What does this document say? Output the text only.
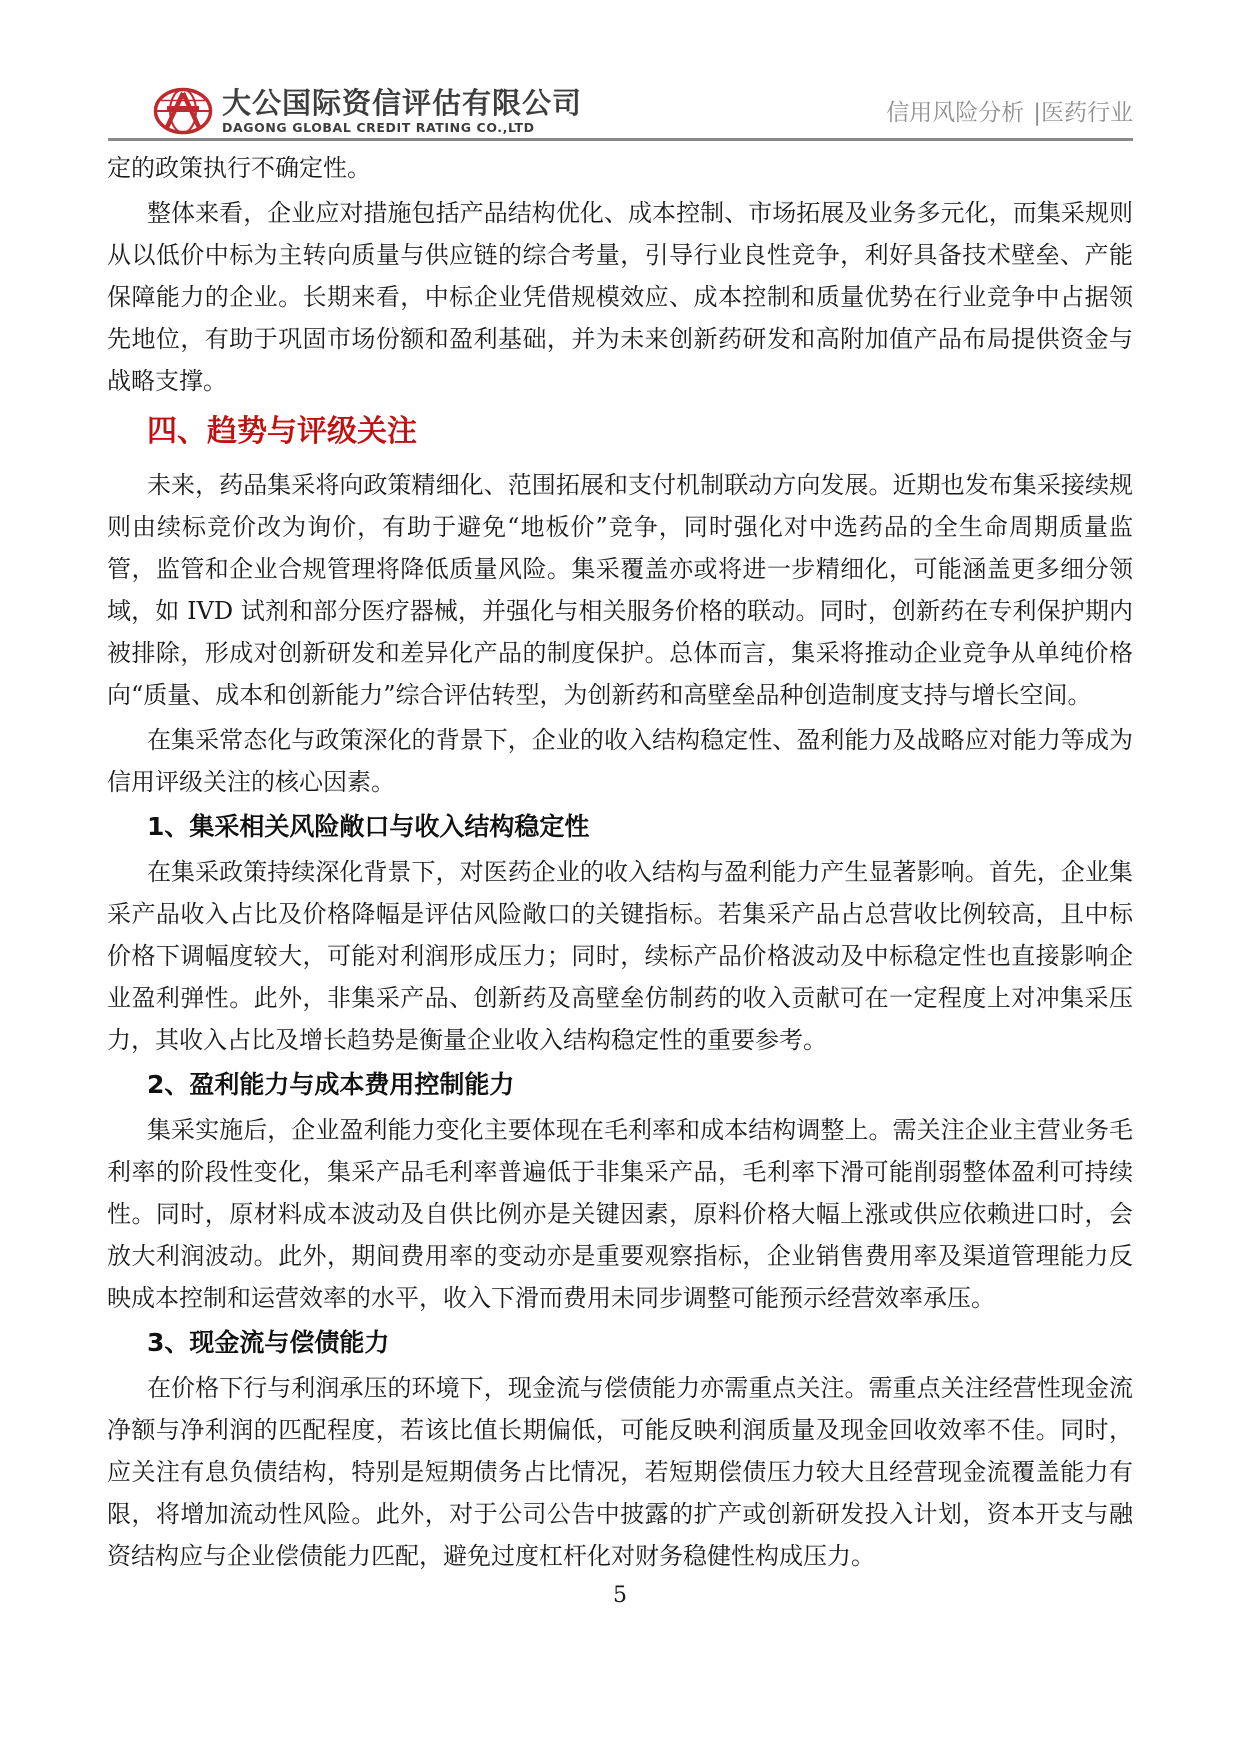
大公国际资信评估有限公司
DAGONG GLOBAL CREDIT RATING CO.,LTD
信用风险分析 |医药行业

定的政策执行不确定性。

整体来看，企业应对措施包括产品结构优化、成本控制、市场拓展及业务多元化，而集采规则从以低价中标为主转向质量与供应链的综合考量，引导行业良性竞争，利好具备技术壁垒、产能保障能力的企业。长期来看，中标企业凭借规模效应、成本控制和质量优势在行业竞争中占据领先地位，有助于巩固市场份额和盈利基础，并为未来创新药研发和高附加值产品布局提供资金与战略支撑。

四、趋势与评级关注

未来，药品集采将向政策精细化、范围拓展和支付机制联动方向发展。近期也发布集采接续规则由续标竞价改为询价，有助于避免“地板价”竞争，同时强化对中选药品的全生命周期质量监管，监管和企业合规管理将降低质量风险。集采覆盖亦或将进一步精细化，可能涵盖更多细分领域，如 IVD 试剂和部分医疗器械，并强化与相关服务价格的联动。同时，创新药在专利保护期内被排除，形成对创新研发和差异化产品的制度保护。总体而言，集采将推动企业竞争从单纯价格向“质量、成本和创新能力”综合评估转型，为创新药和高壁垒品种创造制度支持与增长空间。

在集采常态化与政策深化的背景下，企业的收入结构稳定性、盈利能力及战略应对能力等成为信用评级关注的核心因素。

1、集采相关风险敞口与收入结构稳定性

在集采政策持续深化背景下，对医药企业的收入结构与盈利能力产生显著影响。首先，企业集采产品收入占比及价格降幅是评估风险敞口的关键指标。若集采产品占总营收比例较高，且中标价格下调幅度较大，可能对利润形成压力；同时，续标产品价格波动及中标稳定性也直接影响企业盈利弹性。此外，非集采产品、创新药及高壁垒仿制药的收入贡献可在一定程度上对冲集采压力，其收入占比及增长趋势是衡量企业收入结构稳定性的重要参考。

2、盈利能力与成本费用控制能力

集采实施后，企业盈利能力变化主要体现在毛利率和成本结构调整上。需关注企业主营业务毛利率的阶段性变化，集采产品毛利率普遍低于非集采产品，毛利率下滑可能削弱整体盈利可持续性。同时，原材料成本波动及自供比例亦是关键因素，原料价格大幅上涨或供应依赖进口时，会放大利润波动。此外，期间费用率的变动亦是重要观察指标，企业销售费用率及渠道管理能力反映成本控制和运营效率的水平，收入下滑而费用未同步调整可能预示经营效率承压。

3、现金流与偿债能力

在价格下行与利润承压的环境下，现金流与偿债能力亦需重点关注。需重点关注经营性现金流净额与净利润的匹配程度，若该比值长期偏低，可能反映利润质量及现金回收效率不佳。同时，应关注有息负债结构，特别是短期债务占比情况，若短期偿债压力较大且经营现金流覆盖能力有限，将增加流动性风险。此外，对于公司公告中披露的扩产或创新研发投入计划，资本开支与融资结构应与企业偿债能力匹配，避免过度杠杆化对财务稳健性构成压力。

5
